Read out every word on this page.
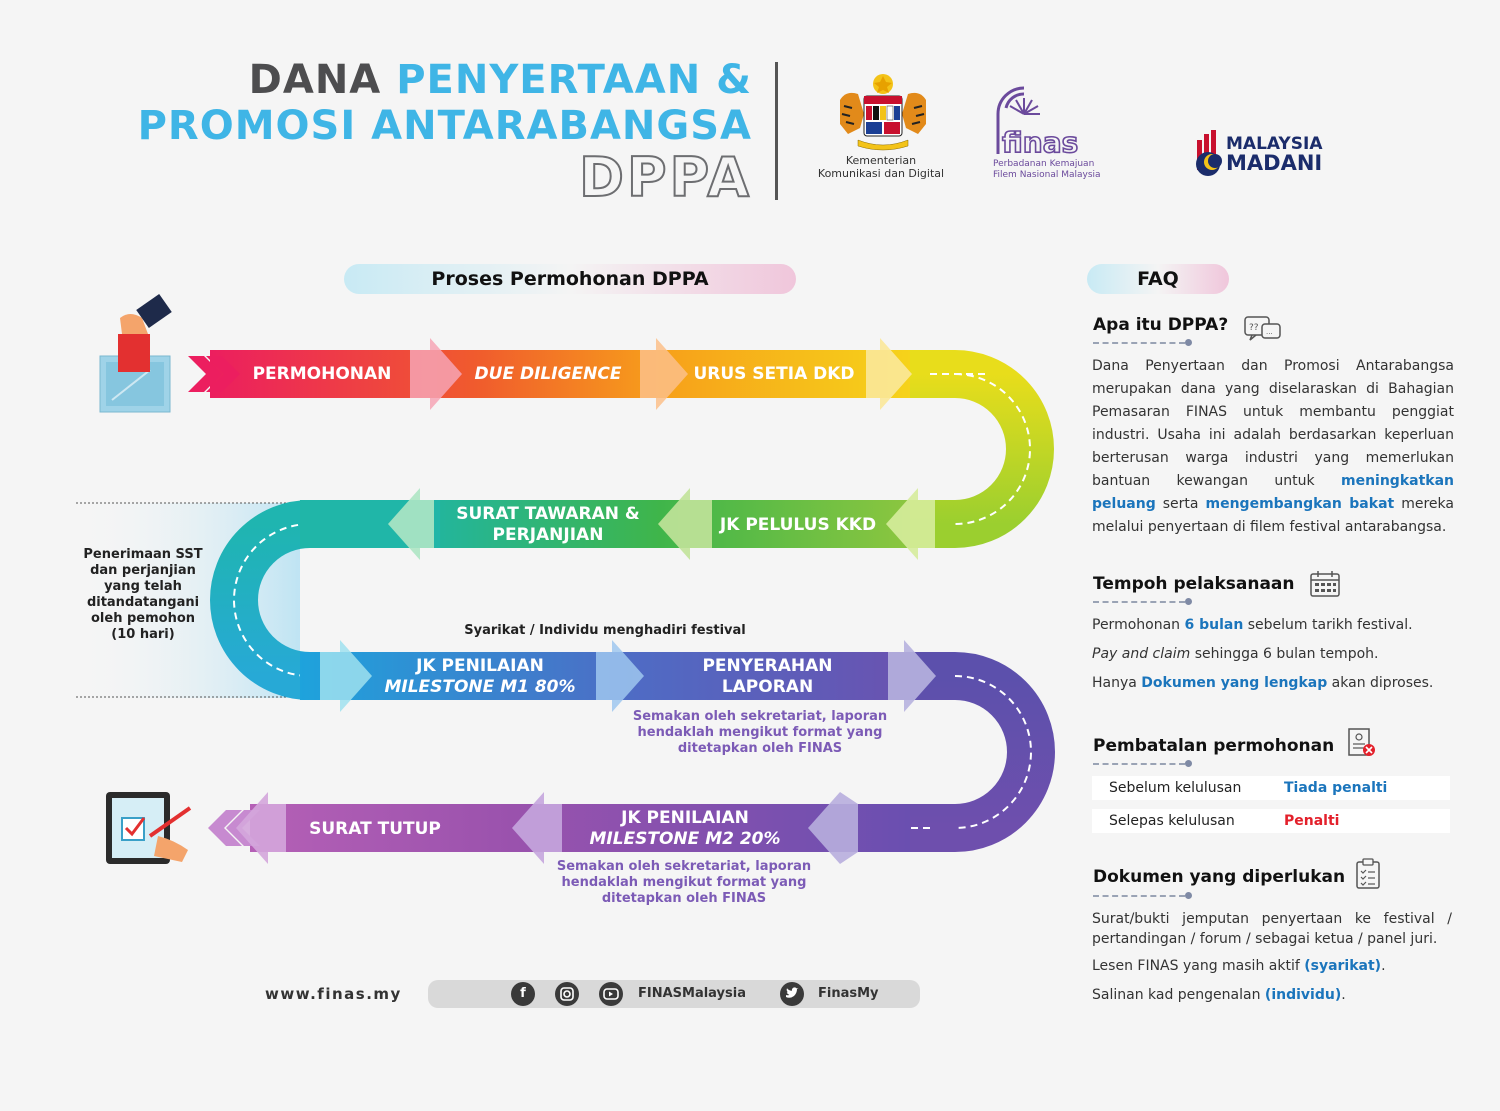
DANA PENYERTAAN &
PROMOSI ANTARABANGSA
DPPA	Kementerian
Komunikasi dan Digital
finas
Perbadanan Kemajuan
Filem Nasional Malaysia
MALAYSIA
MADANI
Proses Permohonan DPPA
PERMOHONAN	DUE DILIGENCE	URUS SETIA DKD
JK PELULUS KKD
SURAT TAWARAN &
PERJANJIAN
JK PENILAIAN
MILESTONE M1 80%
PENYERAHAN
LAPORAN
JK PENILAIAN
MILESTONE M2 20%
SURAT TUTUP
Penerimaan SST
dan perjanjian
yang telah
ditandatangani
oleh pemohon
(10 hari)	Syarikat / Individu menghadiri festival
Semakan oleh sekretariat, laporan
hendaklah mengikut format yang
ditetapkan oleh FINAS
Semakan oleh sekretariat, laporan
hendaklah mengikut format yang
ditetapkan oleh FINAS
www.finas.my	f	FINASMalaysia	FinasMy
FAQ
Apa itu DPPA? ?? ...
Dana Penyertaan dan Promosi Antarabangsa merupakan dana yang diselaraskan di Bahagian Pemasaran FINAS untuk membantu penggiat industri. Usaha ini adalah berdasarkan keperluan berterusan warga industri yang memerlukan bantuan kewangan untuk meningkatkan peluang serta mengembangkan bakat mereka melalui penyertaan di filem festival antarabangsa.
Tempoh pelaksanaan
Permohonan 6 bulan sebelum tarikh festival.
Pay and claim sehingga 6 bulan tempoh.
Hanya Dokumen yang lengkap akan diproses.
Pembatalan permohonan
Sebelum kelulusan	Tiada penalti
Selepas kelulusan	Penalti
Dokumen yang diperlukan
Surat/bukti jemputan penyertaan ke festival / pertandingan / forum / sebagai ketua / panel juri.
Lesen FINAS yang masih aktif (syarikat).
Salinan kad pengenalan (individu).
